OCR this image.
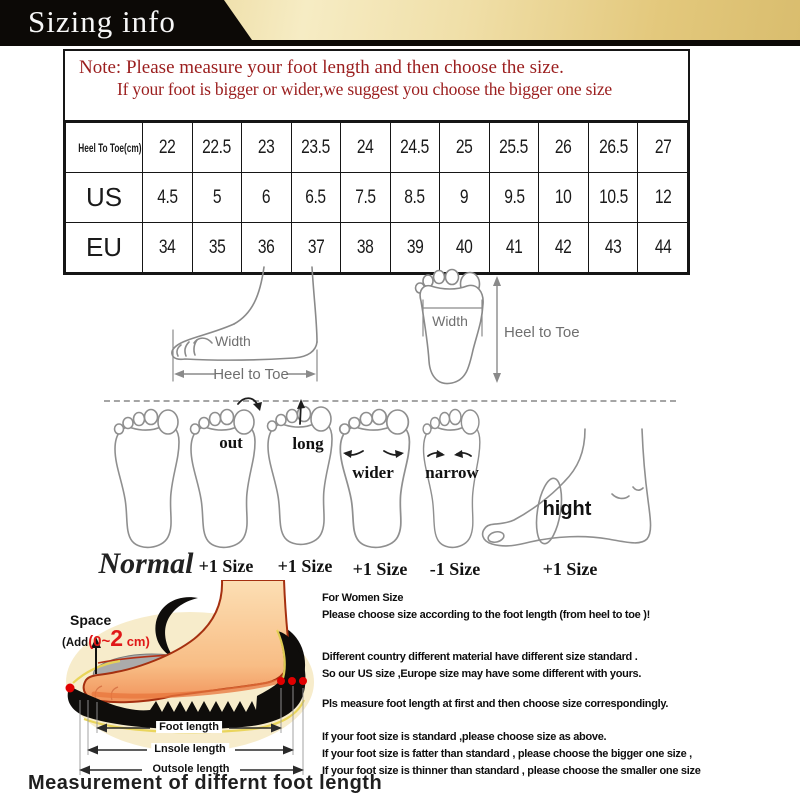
Sizing info
Note: Please measure your foot length and then choose the size.
If your foot is bigger or wider,we suggest you choose the bigger one size
Heel To Toe(cm)	22	22.5	23	23.5	24	24.5	25	25.5	26	26.5	27
US	4.5	5	6	6.5	7.5	8.5	9	9.5	10	10.5	12
EU	34	35	36	37	38	39	40	41	42	43	44
Width
Heel to Toe
Width
Heel to Toe
out	long
wider narrow
hight
Normal +1 Size +1 Size +1 Size -1 Size	+1 Size
Space
(Add(0~2 cm)
Foot length
Lnsole length
Outsole length
Measurement of differnt foot length

For Women Size

Please choose size according to the foot length (from heel to toe )!

Different country different material have different size standard .

So our US size ,Europe size may have some different with yours.

Pls measure foot length at first and then choose size correspondingly.

If your foot size is standard ,please choose size as above.

If your foot size is fatter than standard , please choose the bigger one size ,

If your foot size is thinner than standard , please choose the smaller one size
